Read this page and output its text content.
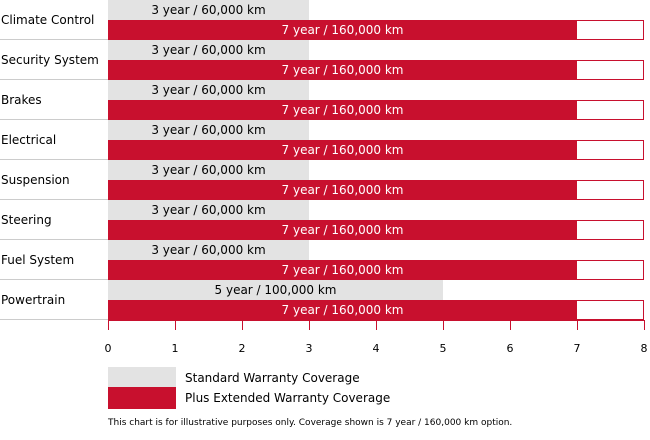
Climate Control
3 year / 60,000 km
7 year / 160,000 km
Security System
3 year / 60,000 km
7 year / 160,000 km
Brakes
3 year / 60,000 km
7 year / 160,000 km
Electrical
3 year / 60,000 km
7 year / 160,000 km
Suspension
3 year / 60,000 km
7 year / 160,000 km
Steering
3 year / 60,000 km
7 year / 160,000 km
Fuel System
3 year / 60,000 km
7 year / 160,000 km
Powertrain
5 year / 100,000 km
7 year / 160,000 km
0	1	2	3	4	5	6	7	8
Standard Warranty Coverage
Plus Extended Warranty Coverage
This chart is for illustrative purposes only. Coverage shown is 7 year / 160,000 km option.
